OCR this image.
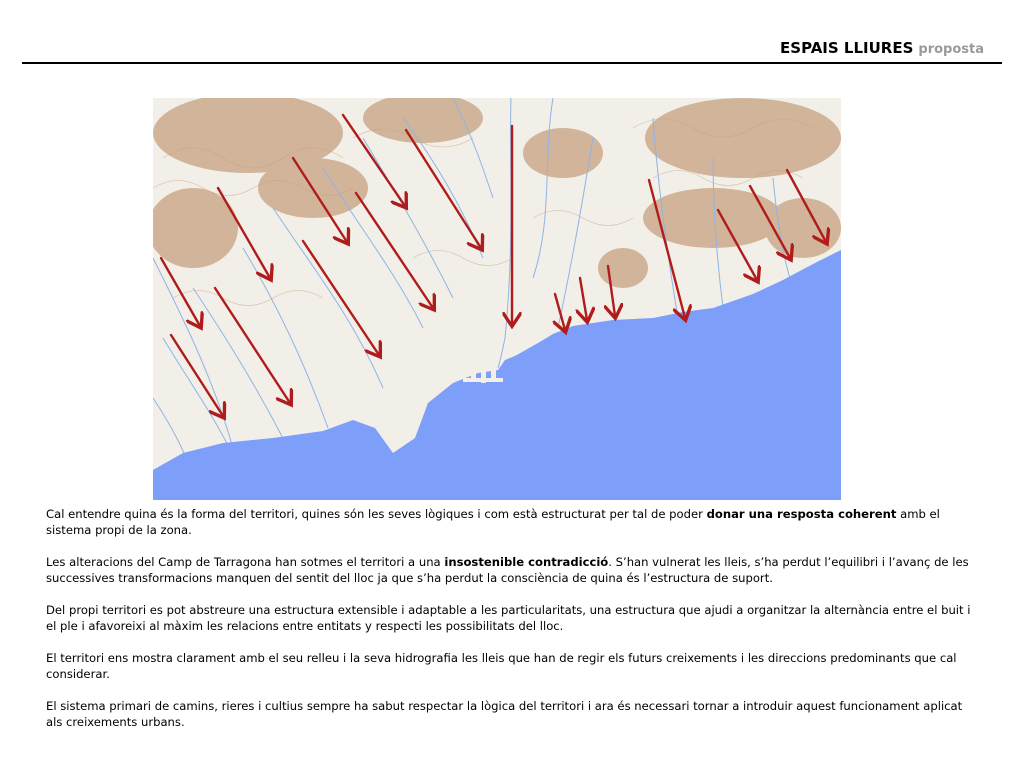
ESPAIS LLIURES proposta

Cal entendre quina és la forma del territori, quines són les seves lògiques i com està estructurat per tal de poder donar una resposta coherent amb el sistema propi de la zona.

Les alteracions del Camp de Tarragona han sotmes el territori a una insostenible contradicció. S’han vulnerat les lleis, s’ha perdut l’equilibri i l’avanç de les successives transformacions manquen del sentit del lloc ja que s’ha perdut la consciència de quina és l’estructura de suport.

Del propi territori es pot abstreure una estructura extensible i adaptable a les particularitats, una estructura que ajudi a organitzar la alternància entre el buit i el ple i afavoreixi al màxim les relacions entre entitats y respecti les possibilitats del lloc.

El territori ens mostra clarament amb el seu relleu i la seva hidrografia les lleis que han de regir els futurs creixements i les direccions predominants que cal considerar.

El sistema primari de camins, rieres i cultius sempre ha sabut respectar la lògica del territori i ara és necessari tornar a introduir aquest funcionament aplicat als creixements urbans.
